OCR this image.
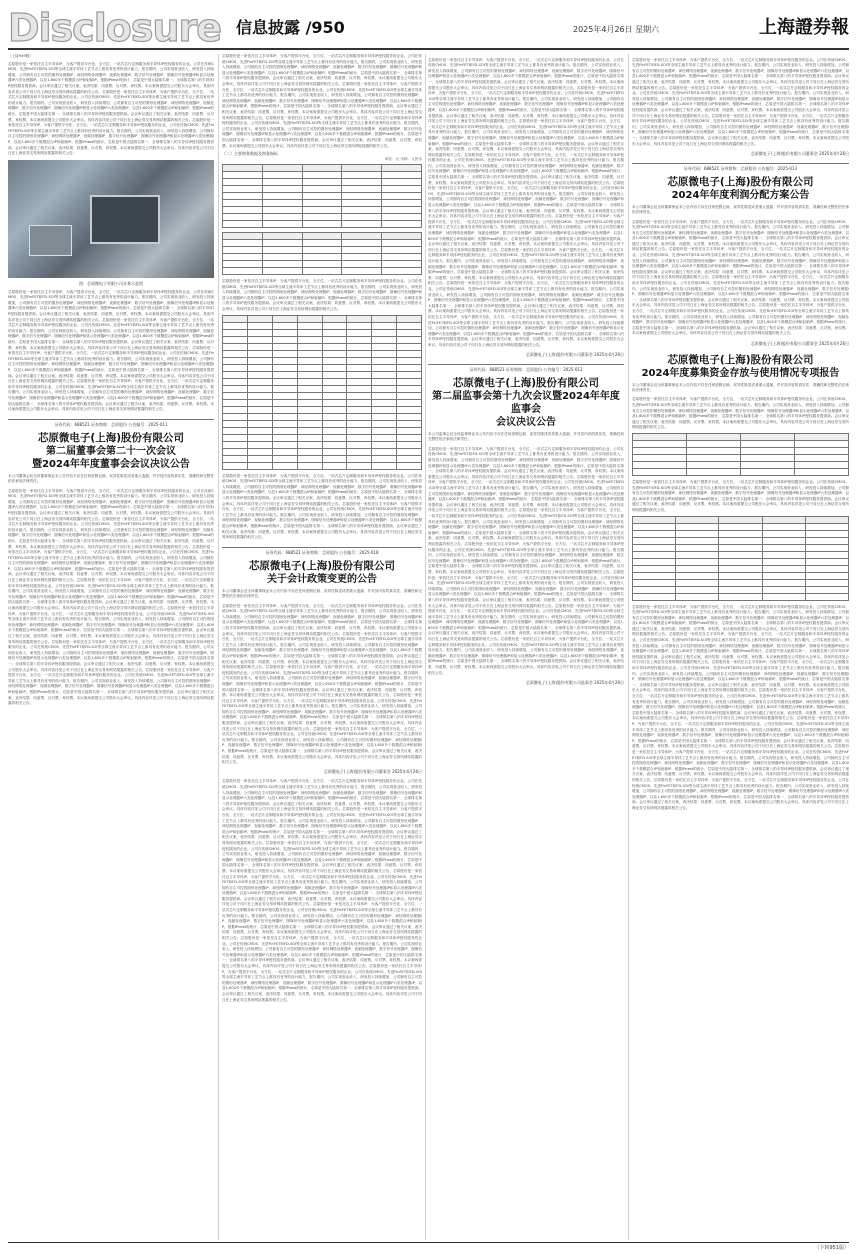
Disclosure 信息披露 /950	2025年4月26日 星期六	上海證券報

（上接949版）

芯原股份是一家依托自主半导体IP，为客户提供平台化、全方位、一站式芯片定制服务和半导体IP授权服务的企业。公司在传统CMOS、先进FinFET和FD-SOI等全球主流半导体工艺节点上都具有优秀的设计能力。报告期内，公司实现营业收入，研发投入持续增加，公司拥有自主可控的图形处理器IP、神经网络处理器IP、视频处理器IP、数字信号处理器IP、图像信号处理器IP和显示处理器IP六类处理器IP，以及1,600多个数模混合IP和射频IP。根据IPnest的统计，芯原是中国大陆排名第一、全球排名第八的半导体IP授权服务提供商。会议审议通过了相关议案，表决结果：同意票，反对票，弃权票。本议案尚需提交公司股东大会审议。具体内容详见公司于同日在上海证券交易所网站披露的相关公告。芯原股份是一家依托自主半导体IP，为客户提供平台化、全方位、一站式芯片定制服务和半导体IP授权服务的企业。公司在传统CMOS、先进FinFET和FD-SOI等全球主流半导体工艺节点上都具有优秀的设计能力。报告期内，公司实现营业收入，研发投入持续增加，公司拥有自主可控的图形处理器IP、神经网络处理器IP、视频处理器IP、数字信号处理器IP、图像信号处理器IP和显示处理器IP六类处理器IP，以及1,600多个数模混合IP和射频IP。根据IPnest的统计，芯原是中国大陆排名第一、全球排名第八的半导体IP授权服务提供商。会议审议通过了相关议案，表决结果：同意票，反对票，弃权票。本议案尚需提交公司股东大会审议。具体内容详见公司于同日在上海证券交易所网站披露的相关公告。芯原股份是一家依托自主半导体IP，为客户提供平台化、全方位、一站式芯片定制服务和半导体IP授权服务的企业。公司在传统CMOS、先进FinFET和FD-SOI等全球主流半导体工艺节点上都具有优秀的设计能力。报告期内，公司实现营业收入，研发投入持续增加，公司拥有自主可控的图形处理器IP、神经网络处理器IP、视频处理器IP、数字信号处理器IP、图像信号处理器IP和显示处理器IP六类处理器IP，以及1,600多个数模混合IP和射频IP。根据IPnest的统计，芯原是中国大陆排名第一、全球排名第八的半导体IP授权服务提供商。会议审议通过了相关议案，表决结果：同意票，反对票，弃权票。本议案尚需提交公司股东大会审议。具体内容详见公司于同日在上海证券交易所网站披露的相关公告。

图：芯原微电子有限公司业务示意图

芯原股份是一家依托自主半导体IP，为客户提供平台化、全方位、一站式芯片定制服务和半导体IP授权服务的企业。公司在传统CMOS、先进FinFET和FD-SOI等全球主流半导体工艺节点上都具有优秀的设计能力。报告期内，公司实现营业收入，研发投入持续增加，公司拥有自主可控的图形处理器IP、神经网络处理器IP、视频处理器IP、数字信号处理器IP、图像信号处理器IP和显示处理器IP六类处理器IP，以及1,600多个数模混合IP和射频IP。根据IPnest的统计，芯原是中国大陆排名第一、全球排名第八的半导体IP授权服务提供商。会议审议通过了相关议案，表决结果：同意票，反对票，弃权票。本议案尚需提交公司股东大会审议。具体内容详见公司于同日在上海证券交易所网站披露的相关公告。芯原股份是一家依托自主半导体IP，为客户提供平台化、全方位、一站式芯片定制服务和半导体IP授权服务的企业。公司在传统CMOS、先进FinFET和FD-SOI等全球主流半导体工艺节点上都具有优秀的设计能力。报告期内，公司实现营业收入，研发投入持续增加，公司拥有自主可控的图形处理器IP、神经网络处理器IP、视频处理器IP、数字信号处理器IP、图像信号处理器IP和显示处理器IP六类处理器IP，以及1,600多个数模混合IP和射频IP。根据IPnest的统计，芯原是中国大陆排名第一、全球排名第八的半导体IP授权服务提供商。会议审议通过了相关议案，表决结果：同意票，反对票，弃权票。本议案尚需提交公司股东大会审议。具体内容详见公司于同日在上海证券交易所网站披露的相关公告。芯原股份是一家依托自主半导体IP，为客户提供平台化、全方位、一站式芯片定制服务和半导体IP授权服务的企业。公司在传统CMOS、先进FinFET和FD-SOI等全球主流半导体工艺节点上都具有优秀的设计能力。报告期内，公司实现营业收入，研发投入持续增加，公司拥有自主可控的图形处理器IP、神经网络处理器IP、视频处理器IP、数字信号处理器IP、图像信号处理器IP和显示处理器IP六类处理器IP，以及1,600多个数模混合IP和射频IP。根据IPnest的统计，芯原是中国大陆排名第一、全球排名第八的半导体IP授权服务提供商。会议审议通过了相关议案，表决结果：同意票，反对票，弃权票。本议案尚需提交公司股东大会审议。具体内容详见公司于同日在上海证券交易所网站披露的相关公告。芯原股份是一家依托自主半导体IP，为客户提供平台化、全方位、一站式芯片定制服务和半导体IP授权服务的企业。公司在传统CMOS、先进FinFET和FD-SOI等全球主流半导体工艺节点上都具有优秀的设计能力。报告期内，公司实现营业收入，研发投入持续增加，公司拥有自主可控的图形处理器IP、神经网络处理器IP、视频处理器IP、数字信号处理器IP、图像信号处理器IP和显示处理器IP六类处理器IP，以及1,600多个数模混合IP和射频IP。根据IPnest的统计，芯原是中国大陆排名第一、全球排名第八的半导体IP授权服务提供商。会议审议通过了相关议案，表决结果：同意票，反对票，弃权票。本议案尚需提交公司股东大会审议。具体内容详见公司于同日在上海证券交易所网站披露的相关公告。

证券代码：688521 证券简称：芯原股份 公告编号：2025-011
芯原微电子(上海)股份有限公司
第二届董事会第二十一次会议
暨2024年年度董事会会议决议公告
本公司董事会及全体董事保证本公告内容不存在任何虚假记载、误导性陈述或者重大遗漏，并对其内容的真实性、准确性和完整性依法承担法律责任。

芯原股份是一家依托自主半导体IP，为客户提供平台化、全方位、一站式芯片定制服务和半导体IP授权服务的企业。公司在传统CMOS、先进FinFET和FD-SOI等全球主流半导体工艺节点上都具有优秀的设计能力。报告期内，公司实现营业收入，研发投入持续增加，公司拥有自主可控的图形处理器IP、神经网络处理器IP、视频处理器IP、数字信号处理器IP、图像信号处理器IP和显示处理器IP六类处理器IP，以及1,600多个数模混合IP和射频IP。根据IPnest的统计，芯原是中国大陆排名第一、全球排名第八的半导体IP授权服务提供商。会议审议通过了相关议案，表决结果：同意票，反对票，弃权票。本议案尚需提交公司股东大会审议。具体内容详见公司于同日在上海证券交易所网站披露的相关公告。芯原股份是一家依托自主半导体IP，为客户提供平台化、全方位、一站式芯片定制服务和半导体IP授权服务的企业。公司在传统CMOS、先进FinFET和FD-SOI等全球主流半导体工艺节点上都具有优秀的设计能力。报告期内，公司实现营业收入，研发投入持续增加，公司拥有自主可控的图形处理器IP、神经网络处理器IP、视频处理器IP、数字信号处理器IP、图像信号处理器IP和显示处理器IP六类处理器IP，以及1,600多个数模混合IP和射频IP。根据IPnest的统计，芯原是中国大陆排名第一、全球排名第八的半导体IP授权服务提供商。会议审议通过了相关议案，表决结果：同意票，反对票，弃权票。本议案尚需提交公司股东大会审议。具体内容详见公司于同日在上海证券交易所网站披露的相关公告。芯原股份是一家依托自主半导体IP，为客户提供平台化、全方位、一站式芯片定制服务和半导体IP授权服务的企业。公司在传统CMOS、先进FinFET和FD-SOI等全球主流半导体工艺节点上都具有优秀的设计能力。报告期内，公司实现营业收入，研发投入持续增加，公司拥有自主可控的图形处理器IP、神经网络处理器IP、视频处理器IP、数字信号处理器IP、图像信号处理器IP和显示处理器IP六类处理器IP，以及1,600多个数模混合IP和射频IP。根据IPnest的统计，芯原是中国大陆排名第一、全球排名第八的半导体IP授权服务提供商。会议审议通过了相关议案，表决结果：同意票，反对票，弃权票。本议案尚需提交公司股东大会审议。具体内容详见公司于同日在上海证券交易所网站披露的相关公告。芯原股份是一家依托自主半导体IP，为客户提供平台化、全方位、一站式芯片定制服务和半导体IP授权服务的企业。公司在传统CMOS、先进FinFET和FD-SOI等全球主流半导体工艺节点上都具有优秀的设计能力。报告期内，公司实现营业收入，研发投入持续增加，公司拥有自主可控的图形处理器IP、神经网络处理器IP、视频处理器IP、数字信号处理器IP、图像信号处理器IP和显示处理器IP六类处理器IP，以及1,600多个数模混合IP和射频IP。根据IPnest的统计，芯原是中国大陆排名第一、全球排名第八的半导体IP授权服务提供商。会议审议通过了相关议案，表决结果：同意票，反对票，弃权票。本议案尚需提交公司股东大会审议。具体内容详见公司于同日在上海证券交易所网站披露的相关公告。芯原股份是一家依托自主半导体IP，为客户提供平台化、全方位、一站式芯片定制服务和半导体IP授权服务的企业。公司在传统CMOS、先进FinFET和FD-SOI等全球主流半导体工艺节点上都具有优秀的设计能力。报告期内，公司实现营业收入，研发投入持续增加，公司拥有自主可控的图形处理器IP、神经网络处理器IP、视频处理器IP、数字信号处理器IP、图像信号处理器IP和显示处理器IP六类处理器IP，以及1,600多个数模混合IP和射频IP。根据IPnest的统计，芯原是中国大陆排名第一、全球排名第八的半导体IP授权服务提供商。会议审议通过了相关议案，表决结果：同意票，反对票，弃权票。本议案尚需提交公司股东大会审议。具体内容详见公司于同日在上海证券交易所网站披露的相关公告。芯原股份是一家依托自主半导体IP，为客户提供平台化、全方位、一站式芯片定制服务和半导体IP授权服务的企业。公司在传统CMOS、先进FinFET和FD-SOI等全球主流半导体工艺节点上都具有优秀的设计能力。报告期内，公司实现营业收入，研发投入持续增加，公司拥有自主可控的图形处理器IP、神经网络处理器IP、视频处理器IP、数字信号处理器IP、图像信号处理器IP和显示处理器IP六类处理器IP，以及1,600多个数模混合IP和射频IP。根据IPnest的统计，芯原是中国大陆排名第一、全球排名第八的半导体IP授权服务提供商。会议审议通过了相关议案，表决结果：同意票，反对票，弃权票。本议案尚需提交公司股东大会审议。具体内容详见公司于同日在上海证券交易所网站披露的相关公告。芯原股份是一家依托自主半导体IP，为客户提供平台化、全方位、一站式芯片定制服务和半导体IP授权服务的企业。公司在传统CMOS、先进FinFET和FD-SOI等全球主流半导体工艺节点上都具有优秀的设计能力。报告期内，公司实现营业收入，研发投入持续增加，公司拥有自主可控的图形处理器IP、神经网络处理器IP、视频处理器IP、数字信号处理器IP、图像信号处理器IP和显示处理器IP六类处理器IP，以及1,600多个数模混合IP和射频IP。根据IPnest的统计，芯原是中国大陆排名第一、全球排名第八的半导体IP授权服务提供商。会议审议通过了相关议案，表决结果：同意票，反对票，弃权票。本议案尚需提交公司股东大会审议。具体内容详见公司于同日在上海证券交易所网站披露的相关公告。

芯原股份是一家依托自主半导体IP，为客户提供平台化、全方位、一站式芯片定制服务和半导体IP授权服务的企业。公司在传统CMOS、先进FinFET和FD-SOI等全球主流半导体工艺节点上都具有优秀的设计能力。报告期内，公司实现营业收入，研发投入持续增加，公司拥有自主可控的图形处理器IP、神经网络处理器IP、视频处理器IP、数字信号处理器IP、图像信号处理器IP和显示处理器IP六类处理器IP，以及1,600多个数模混合IP和射频IP。根据IPnest的统计，芯原是中国大陆排名第一、全球排名第八的半导体IP授权服务提供商。会议审议通过了相关议案，表决结果：同意票，反对票，弃权票。本议案尚需提交公司股东大会审议。具体内容详见公司于同日在上海证券交易所网站披露的相关公告。芯原股份是一家依托自主半导体IP，为客户提供平台化、全方位、一站式芯片定制服务和半导体IP授权服务的企业。公司在传统CMOS、先进FinFET和FD-SOI等全球主流半导体工艺节点上都具有优秀的设计能力。报告期内，公司实现营业收入，研发投入持续增加，公司拥有自主可控的图形处理器IP、神经网络处理器IP、视频处理器IP、数字信号处理器IP、图像信号处理器IP和显示处理器IP六类处理器IP，以及1,600多个数模混合IP和射频IP。根据IPnest的统计，芯原是中国大陆排名第一、全球排名第八的半导体IP授权服务提供商。会议审议通过了相关议案，表决结果：同意票，反对票，弃权票。本议案尚需提交公司股东大会审议。具体内容详见公司于同日在上海证券交易所网站披露的相关公告。芯原股份是一家依托自主半导体IP，为客户提供平台化、全方位、一站式芯片定制服务和半导体IP授权服务的企业。公司在传统CMOS、先进FinFET和FD-SOI等全球主流半导体工艺节点上都具有优秀的设计能力。报告期内，公司实现营业收入，研发投入持续增加，公司拥有自主可控的图形处理器IP、神经网络处理器IP、视频处理器IP、数字信号处理器IP、图像信号处理器IP和显示处理器IP六类处理器IP，以及1,600多个数模混合IP和射频IP。根据IPnest的统计，芯原是中国大陆排名第一、全球排名第八的半导体IP授权服务提供商。会议审议通过了相关议案，表决结果：同意票，反对票，弃权票。本议案尚需提交公司股东大会审议。具体内容详见公司于同日在上海证券交易所网站披露的相关公告。

（二）主要财务数据及财务指标
单位：元 币种：人民币

芯原股份是一家依托自主半导体IP，为客户提供平台化、全方位、一站式芯片定制服务和半导体IP授权服务的企业。公司在传统CMOS、先进FinFET和FD-SOI等全球主流半导体工艺节点上都具有优秀的设计能力。报告期内，公司实现营业收入，研发投入持续增加，公司拥有自主可控的图形处理器IP、神经网络处理器IP、视频处理器IP、数字信号处理器IP、图像信号处理器IP和显示处理器IP六类处理器IP，以及1,600多个数模混合IP和射频IP。根据IPnest的统计，芯原是中国大陆排名第一、全球排名第八的半导体IP授权服务提供商。会议审议通过了相关议案，表决结果：同意票，反对票，弃权票。本议案尚需提交公司股东大会审议。具体内容详见公司于同日在上海证券交易所网站披露的相关公告。

芯原股份是一家依托自主半导体IP，为客户提供平台化、全方位、一站式芯片定制服务和半导体IP授权服务的企业。公司在传统CMOS、先进FinFET和FD-SOI等全球主流半导体工艺节点上都具有优秀的设计能力。报告期内，公司实现营业收入，研发投入持续增加，公司拥有自主可控的图形处理器IP、神经网络处理器IP、视频处理器IP、数字信号处理器IP、图像信号处理器IP和显示处理器IP六类处理器IP，以及1,600多个数模混合IP和射频IP。根据IPnest的统计，芯原是中国大陆排名第一、全球排名第八的半导体IP授权服务提供商。会议审议通过了相关议案，表决结果：同意票，反对票，弃权票。本议案尚需提交公司股东大会审议。具体内容详见公司于同日在上海证券交易所网站披露的相关公告。芯原股份是一家依托自主半导体IP，为客户提供平台化、全方位、一站式芯片定制服务和半导体IP授权服务的企业。公司在传统CMOS、先进FinFET和FD-SOI等全球主流半导体工艺节点上都具有优秀的设计能力。报告期内，公司实现营业收入，研发投入持续增加，公司拥有自主可控的图形处理器IP、神经网络处理器IP、视频处理器IP、数字信号处理器IP、图像信号处理器IP和显示处理器IP六类处理器IP，以及1,600多个数模混合IP和射频IP。根据IPnest的统计，芯原是中国大陆排名第一、全球排名第八的半导体IP授权服务提供商。会议审议通过了相关议案，表决结果：同意票，反对票，弃权票。本议案尚需提交公司股东大会审议。具体内容详见公司于同日在上海证券交易所网站披露的相关公告。

证券代码：688521 证券简称：芯原股份 公告编号：2025-018
芯原微电子(上海)股份有限公司
关于会计政策变更的公告
本公司董事会及全体董事保证本公告内容不存在任何虚假记载、误导性陈述或者重大遗漏，并对其内容的真实性、准确性和完整性依法承担法律责任。

芯原股份是一家依托自主半导体IP，为客户提供平台化、全方位、一站式芯片定制服务和半导体IP授权服务的企业。公司在传统CMOS、先进FinFET和FD-SOI等全球主流半导体工艺节点上都具有优秀的设计能力。报告期内，公司实现营业收入，研发投入持续增加，公司拥有自主可控的图形处理器IP、神经网络处理器IP、视频处理器IP、数字信号处理器IP、图像信号处理器IP和显示处理器IP六类处理器IP，以及1,600多个数模混合IP和射频IP。根据IPnest的统计，芯原是中国大陆排名第一、全球排名第八的半导体IP授权服务提供商。会议审议通过了相关议案，表决结果：同意票，反对票，弃权票。本议案尚需提交公司股东大会审议。具体内容详见公司于同日在上海证券交易所网站披露的相关公告。芯原股份是一家依托自主半导体IP，为客户提供平台化、全方位、一站式芯片定制服务和半导体IP授权服务的企业。公司在传统CMOS、先进FinFET和FD-SOI等全球主流半导体工艺节点上都具有优秀的设计能力。报告期内，公司实现营业收入，研发投入持续增加，公司拥有自主可控的图形处理器IP、神经网络处理器IP、视频处理器IP、数字信号处理器IP、图像信号处理器IP和显示处理器IP六类处理器IP，以及1,600多个数模混合IP和射频IP。根据IPnest的统计，芯原是中国大陆排名第一、全球排名第八的半导体IP授权服务提供商。会议审议通过了相关议案，表决结果：同意票，反对票，弃权票。本议案尚需提交公司股东大会审议。具体内容详见公司于同日在上海证券交易所网站披露的相关公告。芯原股份是一家依托自主半导体IP，为客户提供平台化、全方位、一站式芯片定制服务和半导体IP授权服务的企业。公司在传统CMOS、先进FinFET和FD-SOI等全球主流半导体工艺节点上都具有优秀的设计能力。报告期内，公司实现营业收入，研发投入持续增加，公司拥有自主可控的图形处理器IP、神经网络处理器IP、视频处理器IP、数字信号处理器IP、图像信号处理器IP和显示处理器IP六类处理器IP，以及1,600多个数模混合IP和射频IP。根据IPnest的统计，芯原是中国大陆排名第一、全球排名第八的半导体IP授权服务提供商。会议审议通过了相关议案，表决结果：同意票，反对票，弃权票。本议案尚需提交公司股东大会审议。具体内容详见公司于同日在上海证券交易所网站披露的相关公告。芯原股份是一家依托自主半导体IP，为客户提供平台化、全方位、一站式芯片定制服务和半导体IP授权服务的企业。公司在传统CMOS、先进FinFET和FD-SOI等全球主流半导体工艺节点上都具有优秀的设计能力。报告期内，公司实现营业收入，研发投入持续增加，公司拥有自主可控的图形处理器IP、神经网络处理器IP、视频处理器IP、数字信号处理器IP、图像信号处理器IP和显示处理器IP六类处理器IP，以及1,600多个数模混合IP和射频IP。根据IPnest的统计，芯原是中国大陆排名第一、全球排名第八的半导体IP授权服务提供商。会议审议通过了相关议案，表决结果：同意票，反对票，弃权票。本议案尚需提交公司股东大会审议。具体内容详见公司于同日在上海证券交易所网站披露的相关公告。芯原股份是一家依托自主半导体IP，为客户提供平台化、全方位、一站式芯片定制服务和半导体IP授权服务的企业。公司在传统CMOS、先进FinFET和FD-SOI等全球主流半导体工艺节点上都具有优秀的设计能力。报告期内，公司实现营业收入，研发投入持续增加，公司拥有自主可控的图形处理器IP、神经网络处理器IP、视频处理器IP、数字信号处理器IP、图像信号处理器IP和显示处理器IP六类处理器IP，以及1,600多个数模混合IP和射频IP。根据IPnest的统计，芯原是中国大陆排名第一、全球排名第八的半导体IP授权服务提供商。会议审议通过了相关议案，表决结果：同意票，反对票，弃权票。本议案尚需提交公司股东大会审议。具体内容详见公司于同日在上海证券交易所网站披露的相关公告。

芯原微电子(上海)股份有限公司董事会 2025年4月26日

芯原股份是一家依托自主半导体IP，为客户提供平台化、全方位、一站式芯片定制服务和半导体IP授权服务的企业。公司在传统CMOS、先进FinFET和FD-SOI等全球主流半导体工艺节点上都具有优秀的设计能力。报告期内，公司实现营业收入，研发投入持续增加，公司拥有自主可控的图形处理器IP、神经网络处理器IP、视频处理器IP、数字信号处理器IP、图像信号处理器IP和显示处理器IP六类处理器IP，以及1,600多个数模混合IP和射频IP。根据IPnest的统计，芯原是中国大陆排名第一、全球排名第八的半导体IP授权服务提供商。会议审议通过了相关议案，表决结果：同意票，反对票，弃权票。本议案尚需提交公司股东大会审议。具体内容详见公司于同日在上海证券交易所网站披露的相关公告。芯原股份是一家依托自主半导体IP，为客户提供平台化、全方位、一站式芯片定制服务和半导体IP授权服务的企业。公司在传统CMOS、先进FinFET和FD-SOI等全球主流半导体工艺节点上都具有优秀的设计能力。报告期内，公司实现营业收入，研发投入持续增加，公司拥有自主可控的图形处理器IP、神经网络处理器IP、视频处理器IP、数字信号处理器IP、图像信号处理器IP和显示处理器IP六类处理器IP，以及1,600多个数模混合IP和射频IP。根据IPnest的统计，芯原是中国大陆排名第一、全球排名第八的半导体IP授权服务提供商。会议审议通过了相关议案，表决结果：同意票，反对票，弃权票。本议案尚需提交公司股东大会审议。具体内容详见公司于同日在上海证券交易所网站披露的相关公告。芯原股份是一家依托自主半导体IP，为客户提供平台化、全方位、一站式芯片定制服务和半导体IP授权服务的企业。公司在传统CMOS、先进FinFET和FD-SOI等全球主流半导体工艺节点上都具有优秀的设计能力。报告期内，公司实现营业收入，研发投入持续增加，公司拥有自主可控的图形处理器IP、神经网络处理器IP、视频处理器IP、数字信号处理器IP、图像信号处理器IP和显示处理器IP六类处理器IP，以及1,600多个数模混合IP和射频IP。根据IPnest的统计，芯原是中国大陆排名第一、全球排名第八的半导体IP授权服务提供商。会议审议通过了相关议案，表决结果：同意票，反对票，弃权票。本议案尚需提交公司股东大会审议。具体内容详见公司于同日在上海证券交易所网站披露的相关公告。芯原股份是一家依托自主半导体IP，为客户提供平台化、全方位、一站式芯片定制服务和半导体IP授权服务的企业。公司在传统CMOS、先进FinFET和FD-SOI等全球主流半导体工艺节点上都具有优秀的设计能力。报告期内，公司实现营业收入，研发投入持续增加，公司拥有自主可控的图形处理器IP、神经网络处理器IP、视频处理器IP、数字信号处理器IP、图像信号处理器IP和显示处理器IP六类处理器IP，以及1,600多个数模混合IP和射频IP。根据IPnest的统计，芯原是中国大陆排名第一、全球排名第八的半导体IP授权服务提供商。会议审议通过了相关议案，表决结果：同意票，反对票，弃权票。本议案尚需提交公司股东大会审议。具体内容详见公司于同日在上海证券交易所网站披露的相关公告。芯原股份是一家依托自主半导体IP，为客户提供平台化、全方位、一站式芯片定制服务和半导体IP授权服务的企业。公司在传统CMOS、先进FinFET和FD-SOI等全球主流半导体工艺节点上都具有优秀的设计能力。报告期内，公司实现营业收入，研发投入持续增加，公司拥有自主可控的图形处理器IP、神经网络处理器IP、视频处理器IP、数字信号处理器IP、图像信号处理器IP和显示处理器IP六类处理器IP，以及1,600多个数模混合IP和射频IP。根据IPnest的统计，芯原是中国大陆排名第一、全球排名第八的半导体IP授权服务提供商。会议审议通过了相关议案，表决结果：同意票，反对票，弃权票。本议案尚需提交公司股东大会审议。具体内容详见公司于同日在上海证券交易所网站披露的相关公告。芯原股份是一家依托自主半导体IP，为客户提供平台化、全方位、一站式芯片定制服务和半导体IP授权服务的企业。公司在传统CMOS、先进FinFET和FD-SOI等全球主流半导体工艺节点上都具有优秀的设计能力。报告期内，公司实现营业收入，研发投入持续增加，公司拥有自主可控的图形处理器IP、神经网络处理器IP、视频处理器IP、数字信号处理器IP、图像信号处理器IP和显示处理器IP六类处理器IP，以及1,600多个数模混合IP和射频IP。根据IPnest的统计，芯原是中国大陆排名第一、全球排名第八的半导体IP授权服务提供商。会议审议通过了相关议案，表决结果：同意票，反对票，弃权票。本议案尚需提交公司股东大会审议。具体内容详见公司于同日在上海证券交易所网站披露的相关公告。芯原股份是一家依托自主半导体IP，为客户提供平台化、全方位、一站式芯片定制服务和半导体IP授权服务的企业。公司在传统CMOS、先进FinFET和FD-SOI等全球主流半导体工艺节点上都具有优秀的设计能力。报告期内，公司实现营业收入，研发投入持续增加，公司拥有自主可控的图形处理器IP、神经网络处理器IP、视频处理器IP、数字信号处理器IP、图像信号处理器IP和显示处理器IP六类处理器IP，以及1,600多个数模混合IP和射频IP。根据IPnest的统计，芯原是中国大陆排名第一、全球排名第八的半导体IP授权服务提供商。会议审议通过了相关议案，表决结果：同意票，反对票，弃权票。本议案尚需提交公司股东大会审议。具体内容详见公司于同日在上海证券交易所网站披露的相关公告。

芯原股份是一家依托自主半导体IP，为客户提供平台化、全方位、一站式芯片定制服务和半导体IP授权服务的企业。公司在传统CMOS、先进FinFET和FD-SOI等全球主流半导体工艺节点上都具有优秀的设计能力。报告期内，公司实现营业收入，研发投入持续增加，公司拥有自主可控的图形处理器IP、神经网络处理器IP、视频处理器IP、数字信号处理器IP、图像信号处理器IP和显示处理器IP六类处理器IP，以及1,600多个数模混合IP和射频IP。根据IPnest的统计，芯原是中国大陆排名第一、全球排名第八的半导体IP授权服务提供商。会议审议通过了相关议案，表决结果：同意票，反对票，弃权票。本议案尚需提交公司股东大会审议。具体内容详见公司于同日在上海证券交易所网站披露的相关公告。芯原股份是一家依托自主半导体IP，为客户提供平台化、全方位、一站式芯片定制服务和半导体IP授权服务的企业。公司在传统CMOS、先进FinFET和FD-SOI等全球主流半导体工艺节点上都具有优秀的设计能力。报告期内，公司实现营业收入，研发投入持续增加，公司拥有自主可控的图形处理器IP、神经网络处理器IP、视频处理器IP、数字信号处理器IP、图像信号处理器IP和显示处理器IP六类处理器IP，以及1,600多个数模混合IP和射频IP。根据IPnest的统计，芯原是中国大陆排名第一、全球排名第八的半导体IP授权服务提供商。会议审议通过了相关议案，表决结果：同意票，反对票，弃权票。本议案尚需提交公司股东大会审议。具体内容详见公司于同日在上海证券交易所网站披露的相关公告。芯原股份是一家依托自主半导体IP，为客户提供平台化、全方位、一站式芯片定制服务和半导体IP授权服务的企业。公司在传统CMOS、先进FinFET和FD-SOI等全球主流半导体工艺节点上都具有优秀的设计能力。报告期内，公司实现营业收入，研发投入持续增加，公司拥有自主可控的图形处理器IP、神经网络处理器IP、视频处理器IP、数字信号处理器IP、图像信号处理器IP和显示处理器IP六类处理器IP，以及1,600多个数模混合IP和射频IP。根据IPnest的统计，芯原是中国大陆排名第一、全球排名第八的半导体IP授权服务提供商。会议审议通过了相关议案，表决结果：同意票，反对票，弃权票。本议案尚需提交公司股东大会审议。具体内容详见公司于同日在上海证券交易所网站披露的相关公告。芯原股份是一家依托自主半导体IP，为客户提供平台化、全方位、一站式芯片定制服务和半导体IP授权服务的企业。公司在传统CMOS、先进FinFET和FD-SOI等全球主流半导体工艺节点上都具有优秀的设计能力。报告期内，公司实现营业收入，研发投入持续增加，公司拥有自主可控的图形处理器IP、神经网络处理器IP、视频处理器IP、数字信号处理器IP、图像信号处理器IP和显示处理器IP六类处理器IP，以及1,600多个数模混合IP和射频IP。根据IPnest的统计，芯原是中国大陆排名第一、全球排名第八的半导体IP授权服务提供商。会议审议通过了相关议案，表决结果：同意票，反对票，弃权票。本议案尚需提交公司股东大会审议。具体内容详见公司于同日在上海证券交易所网站披露的相关公告。芯原股份是一家依托自主半导体IP，为客户提供平台化、全方位、一站式芯片定制服务和半导体IP授权服务的企业。公司在传统CMOS、先进FinFET和FD-SOI等全球主流半导体工艺节点上都具有优秀的设计能力。报告期内，公司实现营业收入，研发投入持续增加，公司拥有自主可控的图形处理器IP、神经网络处理器IP、视频处理器IP、数字信号处理器IP、图像信号处理器IP和显示处理器IP六类处理器IP，以及1,600多个数模混合IP和射频IP。根据IPnest的统计，芯原是中国大陆排名第一、全球排名第八的半导体IP授权服务提供商。会议审议通过了相关议案，表决结果：同意票，反对票，弃权票。本议案尚需提交公司股东大会审议。具体内容详见公司于同日在上海证券交易所网站披露的相关公告。芯原股份是一家依托自主半导体IP，为客户提供平台化、全方位、一站式芯片定制服务和半导体IP授权服务的企业。公司在传统CMOS、先进FinFET和FD-SOI等全球主流半导体工艺节点上都具有优秀的设计能力。报告期内，公司实现营业收入，研发投入持续增加，公司拥有自主可控的图形处理器IP、神经网络处理器IP、视频处理器IP、数字信号处理器IP、图像信号处理器IP和显示处理器IP六类处理器IP，以及1,600多个数模混合IP和射频IP。根据IPnest的统计，芯原是中国大陆排名第一、全球排名第八的半导体IP授权服务提供商。会议审议通过了相关议案，表决结果：同意票，反对票，弃权票。本议案尚需提交公司股东大会审议。具体内容详见公司于同日在上海证券交易所网站披露的相关公告。芯原股份是一家依托自主半导体IP，为客户提供平台化、全方位、一站式芯片定制服务和半导体IP授权服务的企业。公司在传统CMOS、先进FinFET和FD-SOI等全球主流半导体工艺节点上都具有优秀的设计能力。报告期内，公司实现营业收入，研发投入持续增加，公司拥有自主可控的图形处理器IP、神经网络处理器IP、视频处理器IP、数字信号处理器IP、图像信号处理器IP和显示处理器IP六类处理器IP，以及1,600多个数模混合IP和射频IP。根据IPnest的统计，芯原是中国大陆排名第一、全球排名第八的半导体IP授权服务提供商。会议审议通过了相关议案，表决结果：同意票，反对票，弃权票。本议案尚需提交公司股东大会审议。具体内容详见公司于同日在上海证券交易所网站披露的相关公告。芯原股份是一家依托自主半导体IP，为客户提供平台化、全方位、一站式芯片定制服务和半导体IP授权服务的企业。公司在传统CMOS、先进FinFET和FD-SOI等全球主流半导体工艺节点上都具有优秀的设计能力。报告期内，公司实现营业收入，研发投入持续增加，公司拥有自主可控的图形处理器IP、神经网络处理器IP、视频处理器IP、数字信号处理器IP、图像信号处理器IP和显示处理器IP六类处理器IP，以及1,600多个数模混合IP和射频IP。根据IPnest的统计，芯原是中国大陆排名第一、全球排名第八的半导体IP授权服务提供商。会议审议通过了相关议案，表决结果：同意票，反对票，弃权票。本议案尚需提交公司股东大会审议。具体内容详见公司于同日在上海证券交易所网站披露的相关公告。芯原股份是一家依托自主半导体IP，为客户提供平台化、全方位、一站式芯片定制服务和半导体IP授权服务的企业。公司在传统CMOS、先进FinFET和FD-SOI等全球主流半导体工艺节点上都具有优秀的设计能力。报告期内，公司实现营业收入，研发投入持续增加，公司拥有自主可控的图形处理器IP、神经网络处理器IP、视频处理器IP、数字信号处理器IP、图像信号处理器IP和显示处理器IP六类处理器IP，以及1,600多个数模混合IP和射频IP。根据IPnest的统计，芯原是中国大陆排名第一、全球排名第八的半导体IP授权服务提供商。会议审议通过了相关议案，表决结果：同意票，反对票，弃权票。本议案尚需提交公司股东大会审议。具体内容详见公司于同日在上海证券交易所网站披露的相关公告。

芯原微电子(上海)股份有限公司董事会 2025年4月26日
证券代码：688521 证券简称：芯原股份 公告编号：2025-012
芯原微电子(上海)股份有限公司
第二届监事会第十九次会议暨2024年年度监事会
会议决议公告
本公司监事会及全体监事保证本公告内容不存在任何虚假记载、误导性陈述或者重大遗漏，并对其内容的真实性、准确性和完整性依法承担法律责任。

芯原股份是一家依托自主半导体IP，为客户提供平台化、全方位、一站式芯片定制服务和半导体IP授权服务的企业。公司在传统CMOS、先进FinFET和FD-SOI等全球主流半导体工艺节点上都具有优秀的设计能力。报告期内，公司实现营业收入，研发投入持续增加，公司拥有自主可控的图形处理器IP、神经网络处理器IP、视频处理器IP、数字信号处理器IP、图像信号处理器IP和显示处理器IP六类处理器IP，以及1,600多个数模混合IP和射频IP。根据IPnest的统计，芯原是中国大陆排名第一、全球排名第八的半导体IP授权服务提供商。会议审议通过了相关议案，表决结果：同意票，反对票，弃权票。本议案尚需提交公司股东大会审议。具体内容详见公司于同日在上海证券交易所网站披露的相关公告。芯原股份是一家依托自主半导体IP，为客户提供平台化、全方位、一站式芯片定制服务和半导体IP授权服务的企业。公司在传统CMOS、先进FinFET和FD-SOI等全球主流半导体工艺节点上都具有优秀的设计能力。报告期内，公司实现营业收入，研发投入持续增加，公司拥有自主可控的图形处理器IP、神经网络处理器IP、视频处理器IP、数字信号处理器IP、图像信号处理器IP和显示处理器IP六类处理器IP，以及1,600多个数模混合IP和射频IP。根据IPnest的统计，芯原是中国大陆排名第一、全球排名第八的半导体IP授权服务提供商。会议审议通过了相关议案，表决结果：同意票，反对票，弃权票。本议案尚需提交公司股东大会审议。具体内容详见公司于同日在上海证券交易所网站披露的相关公告。芯原股份是一家依托自主半导体IP，为客户提供平台化、全方位、一站式芯片定制服务和半导体IP授权服务的企业。公司在传统CMOS、先进FinFET和FD-SOI等全球主流半导体工艺节点上都具有优秀的设计能力。报告期内，公司实现营业收入，研发投入持续增加，公司拥有自主可控的图形处理器IP、神经网络处理器IP、视频处理器IP、数字信号处理器IP、图像信号处理器IP和显示处理器IP六类处理器IP，以及1,600多个数模混合IP和射频IP。根据IPnest的统计，芯原是中国大陆排名第一、全球排名第八的半导体IP授权服务提供商。会议审议通过了相关议案，表决结果：同意票，反对票，弃权票。本议案尚需提交公司股东大会审议。具体内容详见公司于同日在上海证券交易所网站披露的相关公告。芯原股份是一家依托自主半导体IP，为客户提供平台化、全方位、一站式芯片定制服务和半导体IP授权服务的企业。公司在传统CMOS、先进FinFET和FD-SOI等全球主流半导体工艺节点上都具有优秀的设计能力。报告期内，公司实现营业收入，研发投入持续增加，公司拥有自主可控的图形处理器IP、神经网络处理器IP、视频处理器IP、数字信号处理器IP、图像信号处理器IP和显示处理器IP六类处理器IP，以及1,600多个数模混合IP和射频IP。根据IPnest的统计，芯原是中国大陆排名第一、全球排名第八的半导体IP授权服务提供商。会议审议通过了相关议案，表决结果：同意票，反对票，弃权票。本议案尚需提交公司股东大会审议。具体内容详见公司于同日在上海证券交易所网站披露的相关公告。芯原股份是一家依托自主半导体IP，为客户提供平台化、全方位、一站式芯片定制服务和半导体IP授权服务的企业。公司在传统CMOS、先进FinFET和FD-SOI等全球主流半导体工艺节点上都具有优秀的设计能力。报告期内，公司实现营业收入，研发投入持续增加，公司拥有自主可控的图形处理器IP、神经网络处理器IP、视频处理器IP、数字信号处理器IP、图像信号处理器IP和显示处理器IP六类处理器IP，以及1,600多个数模混合IP和射频IP。根据IPnest的统计，芯原是中国大陆排名第一、全球排名第八的半导体IP授权服务提供商。会议审议通过了相关议案，表决结果：同意票，反对票，弃权票。本议案尚需提交公司股东大会审议。具体内容详见公司于同日在上海证券交易所网站披露的相关公告。芯原股份是一家依托自主半导体IP，为客户提供平台化、全方位、一站式芯片定制服务和半导体IP授权服务的企业。公司在传统CMOS、先进FinFET和FD-SOI等全球主流半导体工艺节点上都具有优秀的设计能力。报告期内，公司实现营业收入，研发投入持续增加，公司拥有自主可控的图形处理器IP、神经网络处理器IP、视频处理器IP、数字信号处理器IP、图像信号处理器IP和显示处理器IP六类处理器IP，以及1,600多个数模混合IP和射频IP。根据IPnest的统计，芯原是中国大陆排名第一、全球排名第八的半导体IP授权服务提供商。会议审议通过了相关议案，表决结果：同意票，反对票，弃权票。本议案尚需提交公司股东大会审议。具体内容详见公司于同日在上海证券交易所网站披露的相关公告。芯原股份是一家依托自主半导体IP，为客户提供平台化、全方位、一站式芯片定制服务和半导体IP授权服务的企业。公司在传统CMOS、先进FinFET和FD-SOI等全球主流半导体工艺节点上都具有优秀的设计能力。报告期内，公司实现营业收入，研发投入持续增加，公司拥有自主可控的图形处理器IP、神经网络处理器IP、视频处理器IP、数字信号处理器IP、图像信号处理器IP和显示处理器IP六类处理器IP，以及1,600多个数模混合IP和射频IP。根据IPnest的统计，芯原是中国大陆排名第一、全球排名第八的半导体IP授权服务提供商。会议审议通过了相关议案，表决结果：同意票，反对票，弃权票。本议案尚需提交公司股东大会审议。具体内容详见公司于同日在上海证券交易所网站披露的相关公告。

芯原微电子(上海)股份有限公司监事会 2025年4月26日

芯原股份是一家依托自主半导体IP，为客户提供平台化、全方位、一站式芯片定制服务和半导体IP授权服务的企业。公司在传统CMOS、先进FinFET和FD-SOI等全球主流半导体工艺节点上都具有优秀的设计能力。报告期内，公司实现营业收入，研发投入持续增加，公司拥有自主可控的图形处理器IP、神经网络处理器IP、视频处理器IP、数字信号处理器IP、图像信号处理器IP和显示处理器IP六类处理器IP，以及1,600多个数模混合IP和射频IP。根据IPnest的统计，芯原是中国大陆排名第一、全球排名第八的半导体IP授权服务提供商。会议审议通过了相关议案，表决结果：同意票，反对票，弃权票。本议案尚需提交公司股东大会审议。具体内容详见公司于同日在上海证券交易所网站披露的相关公告。芯原股份是一家依托自主半导体IP，为客户提供平台化、全方位、一站式芯片定制服务和半导体IP授权服务的企业。公司在传统CMOS、先进FinFET和FD-SOI等全球主流半导体工艺节点上都具有优秀的设计能力。报告期内，公司实现营业收入，研发投入持续增加，公司拥有自主可控的图形处理器IP、神经网络处理器IP、视频处理器IP、数字信号处理器IP、图像信号处理器IP和显示处理器IP六类处理器IP，以及1,600多个数模混合IP和射频IP。根据IPnest的统计，芯原是中国大陆排名第一、全球排名第八的半导体IP授权服务提供商。会议审议通过了相关议案，表决结果：同意票，反对票，弃权票。本议案尚需提交公司股东大会审议。具体内容详见公司于同日在上海证券交易所网站披露的相关公告。芯原股份是一家依托自主半导体IP，为客户提供平台化、全方位、一站式芯片定制服务和半导体IP授权服务的企业。公司在传统CMOS、先进FinFET和FD-SOI等全球主流半导体工艺节点上都具有优秀的设计能力。报告期内，公司实现营业收入，研发投入持续增加，公司拥有自主可控的图形处理器IP、神经网络处理器IP、视频处理器IP、数字信号处理器IP、图像信号处理器IP和显示处理器IP六类处理器IP，以及1,600多个数模混合IP和射频IP。根据IPnest的统计，芯原是中国大陆排名第一、全球排名第八的半导体IP授权服务提供商。会议审议通过了相关议案，表决结果：同意票，反对票，弃权票。本议案尚需提交公司股东大会审议。具体内容详见公司于同日在上海证券交易所网站披露的相关公告。

芯原微电子(上海)股份有限公司董事会 2025年4月26日
证券代码：688521 证券简称：芯原股份 公告编号：2025-013
芯原微电子(上海)股份有限公司
2024年年度利润分配方案公告
本公司董事会及全体董事保证本公告内容不存在任何虚假记载、误导性陈述或者重大遗漏，并对其内容的真实性、准确性和完整性依法承担法律责任。

芯原股份是一家依托自主半导体IP，为客户提供平台化、全方位、一站式芯片定制服务和半导体IP授权服务的企业。公司在传统CMOS、先进FinFET和FD-SOI等全球主流半导体工艺节点上都具有优秀的设计能力。报告期内，公司实现营业收入，研发投入持续增加，公司拥有自主可控的图形处理器IP、神经网络处理器IP、视频处理器IP、数字信号处理器IP、图像信号处理器IP和显示处理器IP六类处理器IP，以及1,600多个数模混合IP和射频IP。根据IPnest的统计，芯原是中国大陆排名第一、全球排名第八的半导体IP授权服务提供商。会议审议通过了相关议案，表决结果：同意票，反对票，弃权票。本议案尚需提交公司股东大会审议。具体内容详见公司于同日在上海证券交易所网站披露的相关公告。芯原股份是一家依托自主半导体IP，为客户提供平台化、全方位、一站式芯片定制服务和半导体IP授权服务的企业。公司在传统CMOS、先进FinFET和FD-SOI等全球主流半导体工艺节点上都具有优秀的设计能力。报告期内，公司实现营业收入，研发投入持续增加，公司拥有自主可控的图形处理器IP、神经网络处理器IP、视频处理器IP、数字信号处理器IP、图像信号处理器IP和显示处理器IP六类处理器IP，以及1,600多个数模混合IP和射频IP。根据IPnest的统计，芯原是中国大陆排名第一、全球排名第八的半导体IP授权服务提供商。会议审议通过了相关议案，表决结果：同意票，反对票，弃权票。本议案尚需提交公司股东大会审议。具体内容详见公司于同日在上海证券交易所网站披露的相关公告。芯原股份是一家依托自主半导体IP，为客户提供平台化、全方位、一站式芯片定制服务和半导体IP授权服务的企业。公司在传统CMOS、先进FinFET和FD-SOI等全球主流半导体工艺节点上都具有优秀的设计能力。报告期内，公司实现营业收入，研发投入持续增加，公司拥有自主可控的图形处理器IP、神经网络处理器IP、视频处理器IP、数字信号处理器IP、图像信号处理器IP和显示处理器IP六类处理器IP，以及1,600多个数模混合IP和射频IP。根据IPnest的统计，芯原是中国大陆排名第一、全球排名第八的半导体IP授权服务提供商。会议审议通过了相关议案，表决结果：同意票，反对票，弃权票。本议案尚需提交公司股东大会审议。具体内容详见公司于同日在上海证券交易所网站披露的相关公告。芯原股份是一家依托自主半导体IP，为客户提供平台化、全方位、一站式芯片定制服务和半导体IP授权服务的企业。公司在传统CMOS、先进FinFET和FD-SOI等全球主流半导体工艺节点上都具有优秀的设计能力。报告期内，公司实现营业收入，研发投入持续增加，公司拥有自主可控的图形处理器IP、神经网络处理器IP、视频处理器IP、数字信号处理器IP、图像信号处理器IP和显示处理器IP六类处理器IP，以及1,600多个数模混合IP和射频IP。根据IPnest的统计，芯原是中国大陆排名第一、全球排名第八的半导体IP授权服务提供商。会议审议通过了相关议案，表决结果：同意票，反对票，弃权票。本议案尚需提交公司股东大会审议。具体内容详见公司于同日在上海证券交易所网站披露的相关公告。

芯原微电子(上海)股份有限公司董事会 2025年4月26日
芯原微电子(上海)股份有限公司
2024年度募集资金存放与使用情况专项报告
本公司董事会及全体董事保证本公告内容不存在任何虚假记载、误导性陈述或者重大遗漏，并对其内容的真实性、准确性和完整性依法承担法律责任。

芯原股份是一家依托自主半导体IP，为客户提供平台化、全方位、一站式芯片定制服务和半导体IP授权服务的企业。公司在传统CMOS、先进FinFET和FD-SOI等全球主流半导体工艺节点上都具有优秀的设计能力。报告期内，公司实现营业收入，研发投入持续增加，公司拥有自主可控的图形处理器IP、神经网络处理器IP、视频处理器IP、数字信号处理器IP、图像信号处理器IP和显示处理器IP六类处理器IP，以及1,600多个数模混合IP和射频IP。根据IPnest的统计，芯原是中国大陆排名第一、全球排名第八的半导体IP授权服务提供商。会议审议通过了相关议案，表决结果：同意票，反对票，弃权票。本议案尚需提交公司股东大会审议。具体内容详见公司于同日在上海证券交易所网站披露的相关公告。

芯原股份是一家依托自主半导体IP，为客户提供平台化、全方位、一站式芯片定制服务和半导体IP授权服务的企业。公司在传统CMOS、先进FinFET和FD-SOI等全球主流半导体工艺节点上都具有优秀的设计能力。报告期内，公司实现营业收入，研发投入持续增加，公司拥有自主可控的图形处理器IP、神经网络处理器IP、视频处理器IP、数字信号处理器IP、图像信号处理器IP和显示处理器IP六类处理器IP，以及1,600多个数模混合IP和射频IP。根据IPnest的统计，芯原是中国大陆排名第一、全球排名第八的半导体IP授权服务提供商。会议审议通过了相关议案，表决结果：同意票，反对票，弃权票。本议案尚需提交公司股东大会审议。具体内容详见公司于同日在上海证券交易所网站披露的相关公告。

芯原股份是一家依托自主半导体IP，为客户提供平台化、全方位、一站式芯片定制服务和半导体IP授权服务的企业。公司在传统CMOS、先进FinFET和FD-SOI等全球主流半导体工艺节点上都具有优秀的设计能力。报告期内，公司实现营业收入，研发投入持续增加，公司拥有自主可控的图形处理器IP、神经网络处理器IP、视频处理器IP、数字信号处理器IP、图像信号处理器IP和显示处理器IP六类处理器IP，以及1,600多个数模混合IP和射频IP。根据IPnest的统计，芯原是中国大陆排名第一、全球排名第八的半导体IP授权服务提供商。会议审议通过了相关议案，表决结果：同意票，反对票，弃权票。本议案尚需提交公司股东大会审议。具体内容详见公司于同日在上海证券交易所网站披露的相关公告。芯原股份是一家依托自主半导体IP，为客户提供平台化、全方位、一站式芯片定制服务和半导体IP授权服务的企业。公司在传统CMOS、先进FinFET和FD-SOI等全球主流半导体工艺节点上都具有优秀的设计能力。报告期内，公司实现营业收入，研发投入持续增加，公司拥有自主可控的图形处理器IP、神经网络处理器IP、视频处理器IP、数字信号处理器IP、图像信号处理器IP和显示处理器IP六类处理器IP，以及1,600多个数模混合IP和射频IP。根据IPnest的统计，芯原是中国大陆排名第一、全球排名第八的半导体IP授权服务提供商。会议审议通过了相关议案，表决结果：同意票，反对票，弃权票。本议案尚需提交公司股东大会审议。具体内容详见公司于同日在上海证券交易所网站披露的相关公告。芯原股份是一家依托自主半导体IP，为客户提供平台化、全方位、一站式芯片定制服务和半导体IP授权服务的企业。公司在传统CMOS、先进FinFET和FD-SOI等全球主流半导体工艺节点上都具有优秀的设计能力。报告期内，公司实现营业收入，研发投入持续增加，公司拥有自主可控的图形处理器IP、神经网络处理器IP、视频处理器IP、数字信号处理器IP、图像信号处理器IP和显示处理器IP六类处理器IP，以及1,600多个数模混合IP和射频IP。根据IPnest的统计，芯原是中国大陆排名第一、全球排名第八的半导体IP授权服务提供商。会议审议通过了相关议案，表决结果：同意票，反对票，弃权票。本议案尚需提交公司股东大会审议。具体内容详见公司于同日在上海证券交易所网站披露的相关公告。芯原股份是一家依托自主半导体IP，为客户提供平台化、全方位、一站式芯片定制服务和半导体IP授权服务的企业。公司在传统CMOS、先进FinFET和FD-SOI等全球主流半导体工艺节点上都具有优秀的设计能力。报告期内，公司实现营业收入，研发投入持续增加，公司拥有自主可控的图形处理器IP、神经网络处理器IP、视频处理器IP、数字信号处理器IP、图像信号处理器IP和显示处理器IP六类处理器IP，以及1,600多个数模混合IP和射频IP。根据IPnest的统计，芯原是中国大陆排名第一、全球排名第八的半导体IP授权服务提供商。会议审议通过了相关议案，表决结果：同意票，反对票，弃权票。本议案尚需提交公司股东大会审议。具体内容详见公司于同日在上海证券交易所网站披露的相关公告。芯原股份是一家依托自主半导体IP，为客户提供平台化、全方位、一站式芯片定制服务和半导体IP授权服务的企业。公司在传统CMOS、先进FinFET和FD-SOI等全球主流半导体工艺节点上都具有优秀的设计能力。报告期内，公司实现营业收入，研发投入持续增加，公司拥有自主可控的图形处理器IP、神经网络处理器IP、视频处理器IP、数字信号处理器IP、图像信号处理器IP和显示处理器IP六类处理器IP，以及1,600多个数模混合IP和射频IP。根据IPnest的统计，芯原是中国大陆排名第一、全球排名第八的半导体IP授权服务提供商。会议审议通过了相关议案，表决结果：同意票，反对票，弃权票。本议案尚需提交公司股东大会审议。具体内容详见公司于同日在上海证券交易所网站披露的相关公告。芯原股份是一家依托自主半导体IP，为客户提供平台化、全方位、一站式芯片定制服务和半导体IP授权服务的企业。公司在传统CMOS、先进FinFET和FD-SOI等全球主流半导体工艺节点上都具有优秀的设计能力。报告期内，公司实现营业收入，研发投入持续增加，公司拥有自主可控的图形处理器IP、神经网络处理器IP、视频处理器IP、数字信号处理器IP、图像信号处理器IP和显示处理器IP六类处理器IP，以及1,600多个数模混合IP和射频IP。根据IPnest的统计，芯原是中国大陆排名第一、全球排名第八的半导体IP授权服务提供商。会议审议通过了相关议案，表决结果：同意票，反对票，弃权票。本议案尚需提交公司股东大会审议。具体内容详见公司于同日在上海证券交易所网站披露的相关公告。芯原股份是一家依托自主半导体IP，为客户提供平台化、全方位、一站式芯片定制服务和半导体IP授权服务的企业。公司在传统CMOS、先进FinFET和FD-SOI等全球主流半导体工艺节点上都具有优秀的设计能力。报告期内，公司实现营业收入，研发投入持续增加，公司拥有自主可控的图形处理器IP、神经网络处理器IP、视频处理器IP、数字信号处理器IP、图像信号处理器IP和显示处理器IP六类处理器IP，以及1,600多个数模混合IP和射频IP。根据IPnest的统计，芯原是中国大陆排名第一、全球排名第八的半导体IP授权服务提供商。会议审议通过了相关议案，表决结果：同意票，反对票，弃权票。本议案尚需提交公司股东大会审议。具体内容详见公司于同日在上海证券交易所网站披露的相关公告。

（下转951版）
